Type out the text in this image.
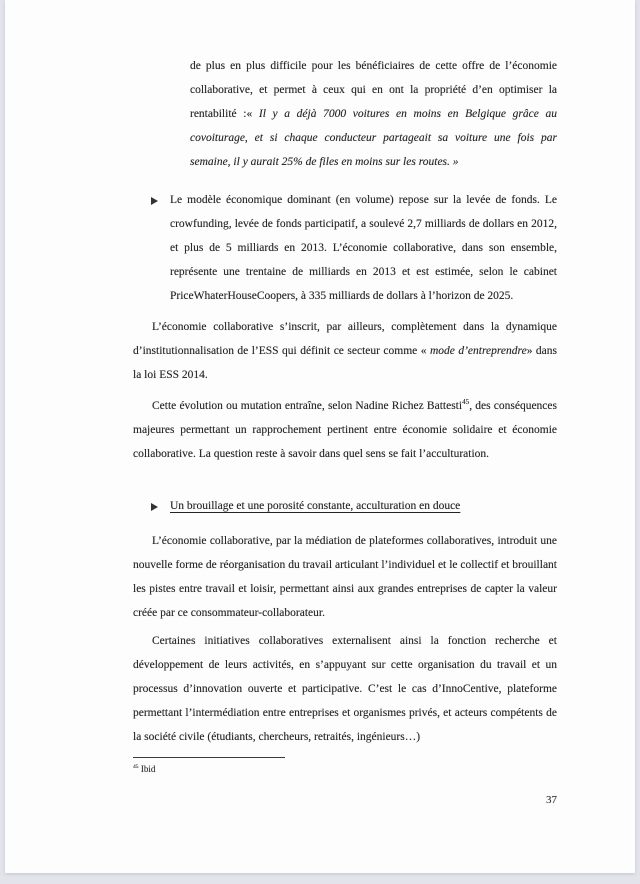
de plus en plus difficile pour les bénéficiaires de cette offre de l’économie collaborative, et permet à ceux qui en ont la propriété d’en optimiser la rentabilité :« Il y a déjà 7000 voitures en moins en Belgique grâce au covoiturage, et si chaque conducteur partageait sa voiture une fois par semaine, il y aurait 25% de files en moins sur les routes. »

Le modèle économique dominant (en volume) repose sur la levée de fonds. Le crowfunding, levée de fonds participatif, a soulevé 2,7 milliards de dollars en 2012, et plus de 5 milliards en 2013. L’économie collaborative, dans son ensemble, représente une trentaine de milliards en 2013 et est estimée, selon le cabinet PriceWhaterHouseCoopers, à 335 milliards de dollars à l’horizon de 2025.

L’économie collaborative s’inscrit, par ailleurs, complètement dans la dynamique d’institutionnalisation de l’ESS qui définit ce secteur comme « mode d’entreprendre» dans la loi ESS 2014.

Cette évolution ou mutation entraîne, selon Nadine Richez Battesti$^{45}$, des conséquences majeures permettant un rapprochement pertinent entre économie solidaire et économie collaborative. La question reste à savoir dans quel sens se fait l’acculturation.

Un brouillage et une porosité constante, acculturation en douce

L’économie collaborative, par la médiation de plateformes collaboratives, introduit une nouvelle forme de réorganisation du travail articulant l’individuel et le collectif et brouillant les pistes entre travail et loisir, permettant ainsi aux grandes entreprises de capter la valeur créée par ce consommateur-collaborateur.

Certaines initiatives collaboratives externalisent ainsi la fonction recherche et développement de leurs activités, en s’appuyant sur cette organisation du travail et un processus d’innovation ouverte et participative. C’est le cas d’InnoCentive, plateforme permettant l’intermédiation entre entreprises et organismes privés, et acteurs compétents de la société civile (étudiants, chercheurs, retraités, ingénieurs…)

$^{45}$ Ibid

37
